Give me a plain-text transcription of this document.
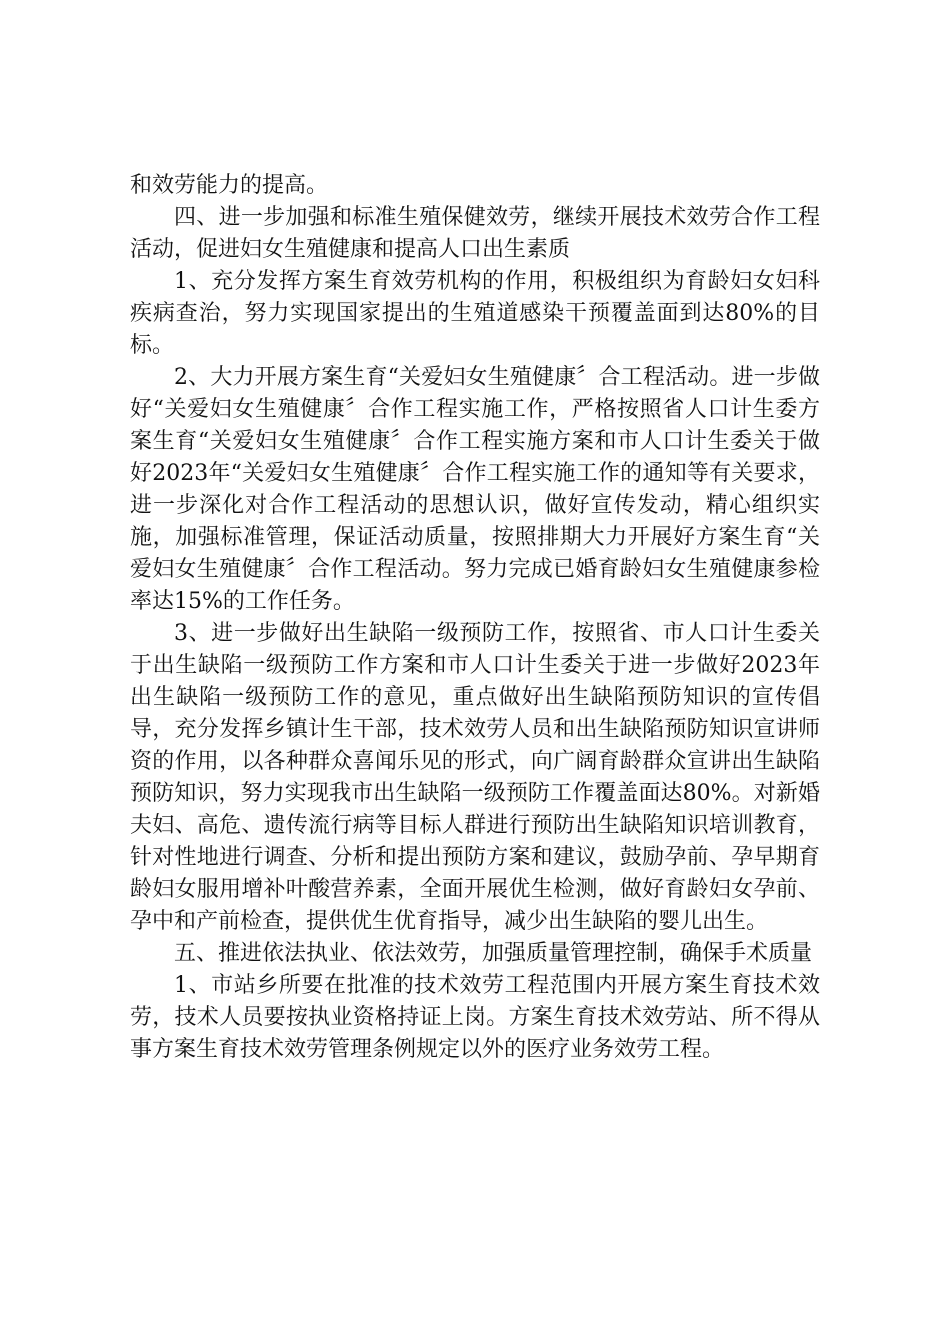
和效劳能力的提高。

四、进一步加强和标准生殖保健效劳，继续开展技术效劳合作工程活动，促进妇女生殖健康和提高人口出生素质

1、充分发挥方案生育效劳机构的作用，积极组织为育龄妇女妇科疾病查治，努力实现国家提出的生殖道感染干预覆盖面到达80%的目标。

2、大力开展方案生育“关爱妇女生殖健康〞合工程活动。进一步做好“关爱妇女生殖健康〞合作工程实施工作，严格按照省人口计生委方案生育“关爱妇女生殖健康〞合作工程实施方案和市人口计生委关于做好2023年“关爱妇女生殖健康〞合作工程实施工作的通知等有关要求，进一步深化对合作工程活动的思想认识，做好宣传发动，精心组织实施，加强标准管理，保证活动质量，按照排期大力开展好方案生育“关爱妇女生殖健康〞合作工程活动。努力完成已婚育龄妇女生殖健康参检率达15%的工作任务。

3、进一步做好出生缺陷一级预防工作，按照省、市人口计生委关于出生缺陷一级预防工作方案和市人口计生委关于进一步做好2023年出生缺陷一级预防工作的意见，重点做好出生缺陷预防知识的宣传倡导，充分发挥乡镇计生干部，技术效劳人员和出生缺陷预防知识宣讲师资的作用，以各种群众喜闻乐见的形式，向广阔育龄群众宣讲出生缺陷预防知识，努力实现我市出生缺陷一级预防工作覆盖面达80%。对新婚夫妇、高危、遗传流行病等目标人群进行预防出生缺陷知识培训教育，针对性地进行调查、分析和提出预防方案和建议，鼓励孕前、孕早期育龄妇女服用增补叶酸营养素，全面开展优生检测，做好育龄妇女孕前、孕中和产前检查，提供优生优育指导，减少出生缺陷的婴儿出生。

五、推进依法执业、依法效劳，加强质量管理控制，确保手术质量

1、市站乡所要在批准的技术效劳工程范围内开展方案生育技术效劳，技术人员要按执业资格持证上岗。方案生育技术效劳站、所不得从事方案生育技术效劳管理条例规定以外的医疗业务效劳工程。
